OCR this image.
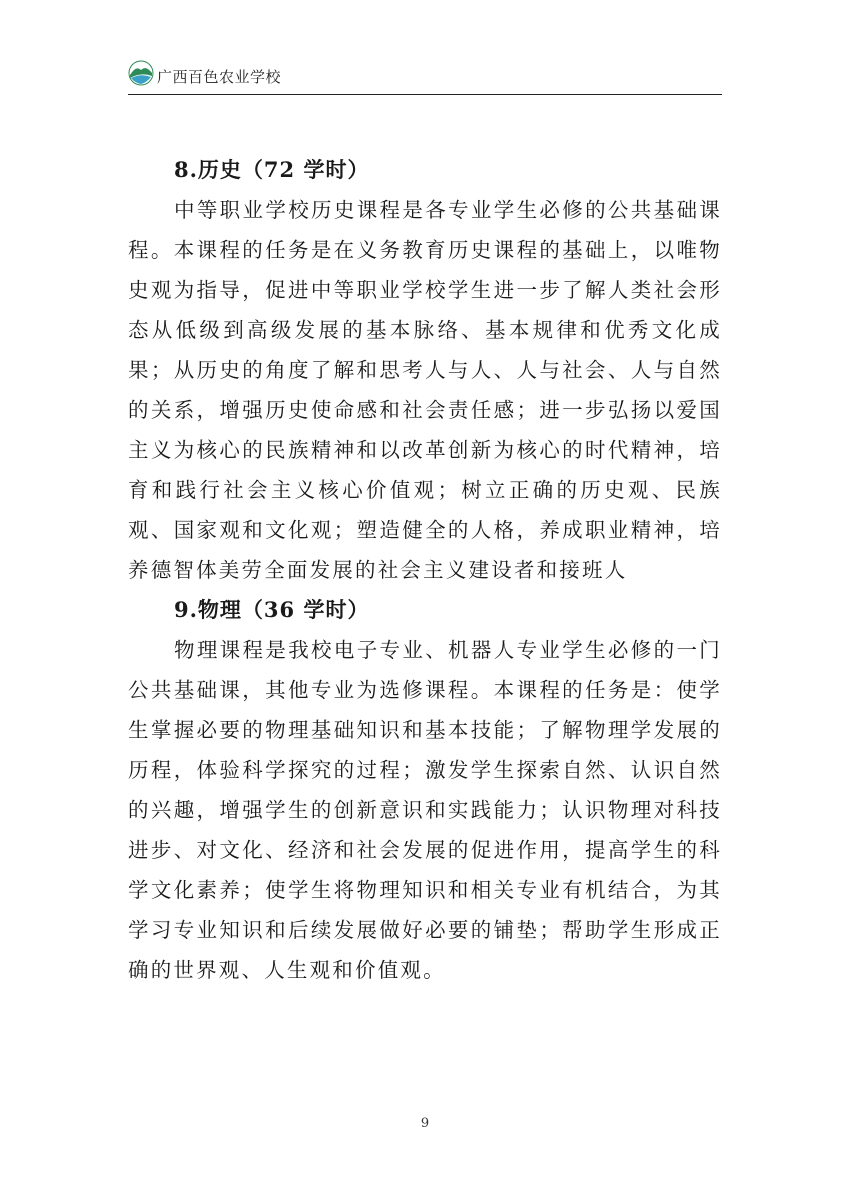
广西百色农业学校
8.历史（72 学时）

中等职业学校历史课程是各专业学生必修的公共基础课程。本课程的任务是在义务教育历史课程的基础上，以唯物史观为指导，促进中等职业学校学生进一步了解人类社会形态从低级到高级发展的基本脉络、基本规律和优秀文化成果；从历史的角度了解和思考人与人、人与社会、人与自然的关系，增强历史使命感和社会责任感；进一步弘扬以爱国主义为核心的民族精神和以改革创新为核心的时代精神，培育和践行社会主义核心价值观；树立正确的历史观、民族观、国家观和文化观；塑造健全的人格，养成职业精神，培养德智体美劳全面发展的社会主义建设者和接班人

9.物理（36 学时）

物理课程是我校电子专业、机器人专业学生必修的一门公共基础课，其他专业为选修课程。本课程的任务是：使学生掌握必要的物理基础知识和基本技能；了解物理学发展的历程，体验科学探究的过程；激发学生探索自然、认识自然的兴趣，增强学生的创新意识和实践能力；认识物理对科技进步、对文化、经济和社会发展的促进作用，提高学生的科学文化素养；使学生将物理知识和相关专业有机结合，为其学习专业知识和后续发展做好必要的铺垫；帮助学生形成正确的世界观、人生观和价值观。

9
